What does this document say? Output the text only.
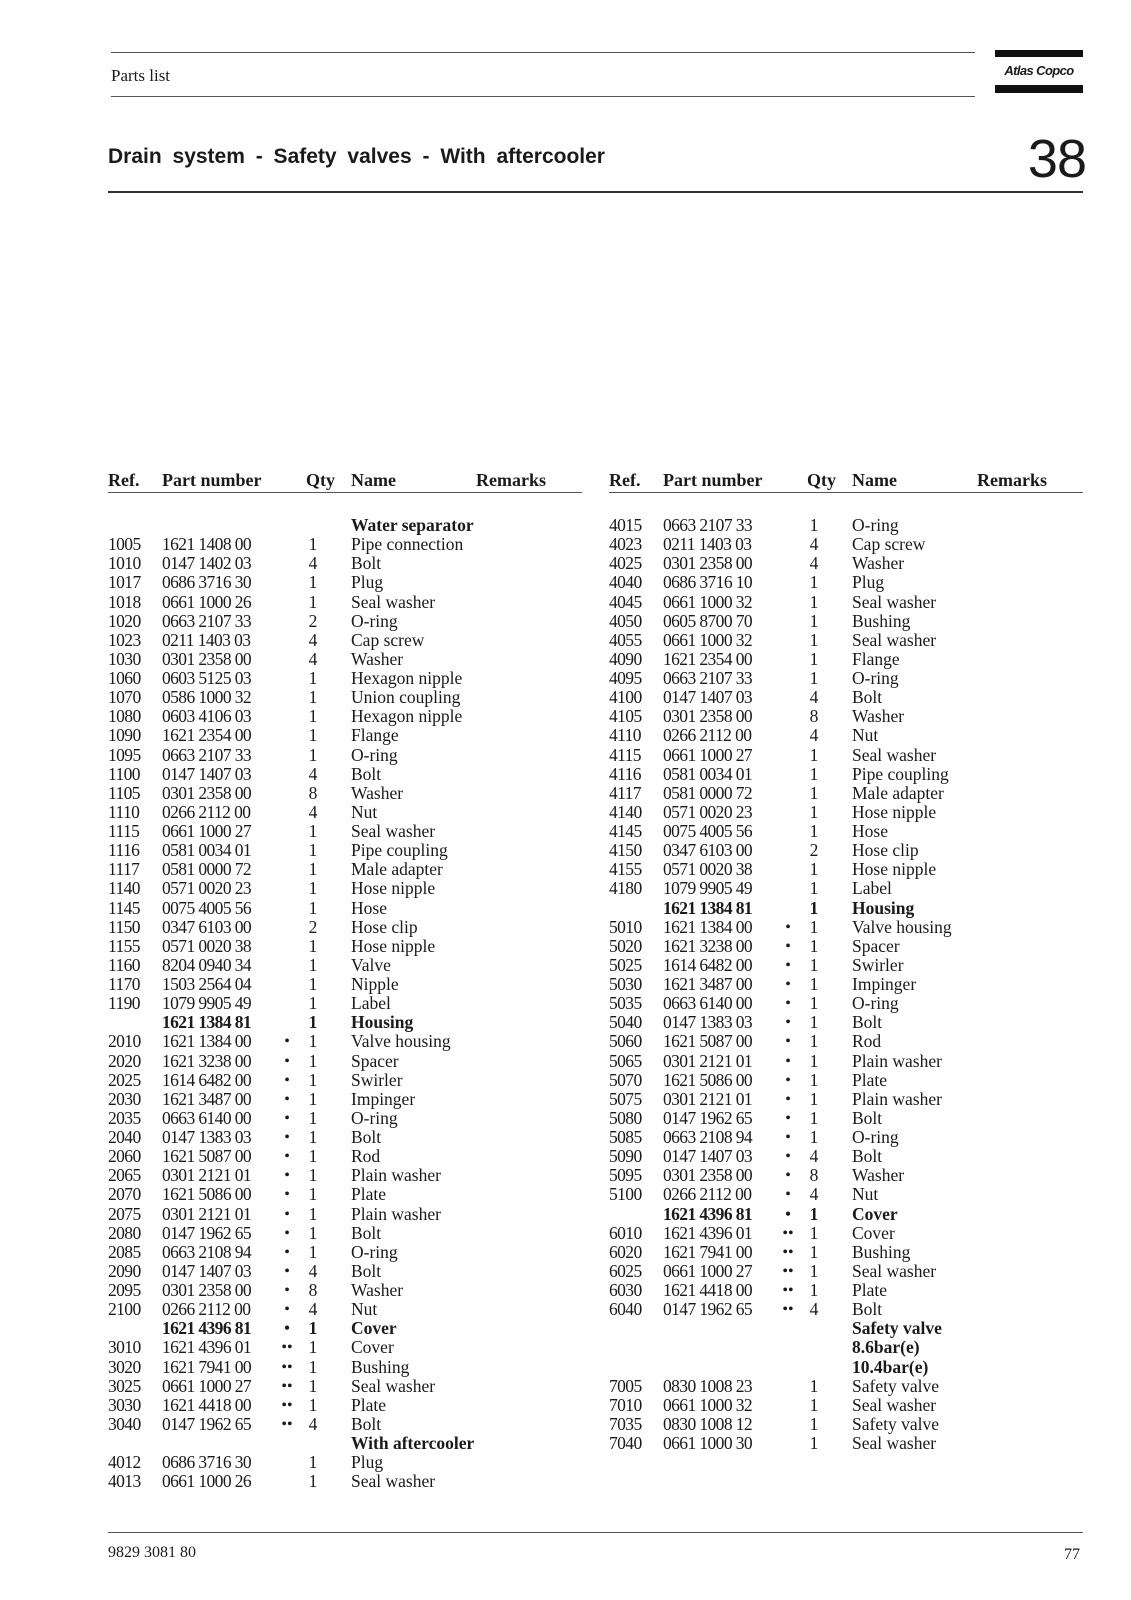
Parts list	Atlas Copco
Drain system - Safety valves - With aftercooler	38
Ref. Part number Qty Name	Remarks
Water separator
1005 1621 1408 00	1 Pipe connection
1010 0147 1402 03	4 Bolt
1017 0686 3716 30	1 Plug
1018 0661 1000 26	1 Seal washer
1020 0663 2107 33	2 O-ring
1023 0211 1403 03	4 Cap screw
1030 0301 2358 00	4 Washer
1060 0603 5125 03	1 Hexagon nipple
1070 0586 1000 32	1 Union coupling
1080 0603 4106 03	1 Hexagon nipple
1090 1621 2354 00	1 Flange
1095 0663 2107 33	1 O-ring
1100 0147 1407 03	4 Bolt
1105 0301 2358 00	8 Washer
1110 0266 2112 00	4 Nut
1115 0661 1000 27	1 Seal washer
1116 0581 0034 01	1 Pipe coupling
1117 0581 0000 72	1 Male adapter
1140 0571 0020 23	1 Hose nipple
1145 0075 4005 56	1 Hose
1150 0347 6103 00	2 Hose clip
1155 0571 0020 38	1 Hose nipple
1160 8204 0940 34	1 Valve
1170 1503 2564 04	1 Nipple
1190 1079 9905 49	1 Label
1621 1384 81	1 Housing
2010 1621 1384 00	•	1 Valve housing
2020 1621 3238 00	•	1 Spacer
2025 1614 6482 00	•	1 Swirler
2030 1621 3487 00	•	1 Impinger
2035 0663 6140 00	•	1 O-ring
2040 0147 1383 03	•	1 Bolt
2060 1621 5087 00	•	1 Rod
2065 0301 2121 01	•	1 Plain washer
2070 1621 5086 00	•	1 Plate
2075 0301 2121 01	•	1 Plain washer
2080 0147 1962 65	•	1 Bolt
2085 0663 2108 94	•	1 O-ring
2090 0147 1407 03	•	4 Bolt
2095 0301 2358 00	•	8 Washer
2100 0266 2112 00	•	4 Nut
1621 4396 81	•	1 Cover
3010 1621 4396 01	•• 1 Cover
3020 1621 7941 00	•• 1 Bushing
3025 0661 1000 27	•• 1 Seal washer
3030 1621 4418 00	•• 1 Plate
3040 0147 1962 65	•• 4 Bolt
With aftercooler
4012 0686 3716 30	1 Plug
4013 0661 1000 26	1 Seal washer
Ref. Part number Qty Name	Remarks
4015 0663 2107 33	1 O-ring
4023 0211 1403 03	4 Cap screw
4025 0301 2358 00	4 Washer
4040 0686 3716 10	1 Plug
4045 0661 1000 32	1 Seal washer
4050 0605 8700 70	1 Bushing
4055 0661 1000 32	1 Seal washer
4090 1621 2354 00	1 Flange
4095 0663 2107 33	1 O-ring
4100 0147 1407 03	4 Bolt
4105 0301 2358 00	8 Washer
4110 0266 2112 00	4 Nut
4115 0661 1000 27	1 Seal washer
4116 0581 0034 01	1 Pipe coupling
4117 0581 0000 72	1 Male adapter
4140 0571 0020 23	1 Hose nipple
4145 0075 4005 56	1 Hose
4150 0347 6103 00	2 Hose clip
4155 0571 0020 38	1 Hose nipple
4180 1079 9905 49	1 Label
1621 1384 81	1 Housing
5010 1621 1384 00	•	1 Valve housing
5020 1621 3238 00	•	1 Spacer
5025 1614 6482 00	•	1 Swirler
5030 1621 3487 00	•	1 Impinger
5035 0663 6140 00	•	1 O-ring
5040 0147 1383 03	•	1 Bolt
5060 1621 5087 00	•	1 Rod
5065 0301 2121 01	•	1 Plain washer
5070 1621 5086 00	•	1 Plate
5075 0301 2121 01	•	1 Plain washer
5080 0147 1962 65	•	1 Bolt
5085 0663 2108 94	•	1 O-ring
5090 0147 1407 03	•	4 Bolt
5095 0301 2358 00	•	8 Washer
5100 0266 2112 00	•	4 Nut
1621 4396 81	•	1 Cover
6010 1621 4396 01	•• 1 Cover
6020 1621 7941 00	•• 1 Bushing
6025 0661 1000 27	•• 1 Seal washer
6030 1621 4418 00	•• 1 Plate
6040 0147 1962 65	•• 4 Bolt
Safety valve
8.6bar(e)
10.4bar(e)
7005 0830 1008 23	1 Safety valve
7010 0661 1000 32	1 Seal washer
7035 0830 1008 12	1 Safety valve
7040 0661 1000 30	1 Seal washer
9829 3081 80	77
